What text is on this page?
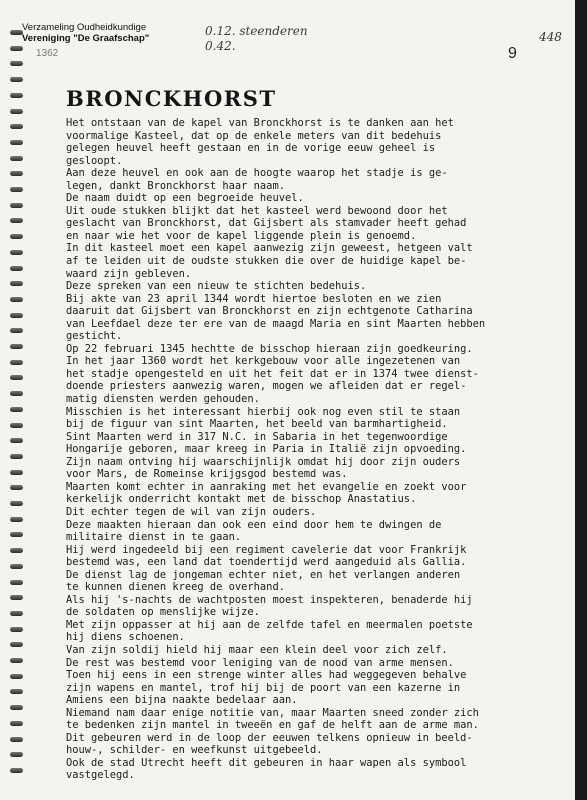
Verzameling Oudheidkundige
Vereniging "De Graafschap"
1362
0.12. steenderen
0.42.
448
9
BRONCKHORST
Het ontstaan van de kapel van Bronckhorst is te danken aan het
voormalige Kasteel, dat op de enkele meters van dit bedehuis
gelegen heuvel heeft gestaan en in de vorige eeuw geheel is
gesloopt.
Aan deze heuvel en ook aan de hoogte waarop het stadje is ge-
legen, dankt Bronckhorst haar naam.
De naam duidt op een begroeide heuvel.
Uit oude stukken blijkt dat het kasteel werd bewoond door het
geslacht van Bronckhorst, dat Gijsbert als stamvader heeft gehad
en naar wie het voor de kapel liggende plein is genoemd.
In dit kasteel moet een kapel aanwezig zijn geweest, hetgeen valt
af te leiden uit de oudste stukken die over de huidige kapel be-
waard zijn gebleven.
Deze spreken van een nieuw te stichten bedehuis.
Bij akte van 23 april 1344 wordt hiertoe besloten en we zien
daaruit dat Gijsbert van Bronckhorst en zijn echtgenote Catharina
van Leefdael deze ter ere van de maagd Maria en sint Maarten hebben
gesticht.
Op 22 februari 1345 hechtte de bisschop hieraan zijn goedkeuring.
In het jaar 1360 wordt het kerkgebouw voor alle ingezetenen van
het stadje opengesteld en uit het feit dat er in 1374 twee dienst-
doende priesters aanwezig waren, mogen we afleiden dat er regel-
matig diensten werden gehouden.
Misschien is het interessant hierbij ook nog even stil te staan
bij de figuur van sint Maarten, het beeld van barmhartigheid.
Sint Maarten werd in 317 N.C. in Sabaria in het tegenwoordige
Hongarije geboren, maar kreeg in Paria in Italië zijn opvoeding.
Zijn naam ontving hij waarschijnlijk omdat hij door zijn ouders
voor Mars, de Romeinse krijgsgod bestemd was.
Maarten komt echter in aanraking met het evangelie en zoekt voor
kerkelijk onderricht kontakt met de bisschop Anastatius.
Dit echter tegen de wil van zijn ouders.
Deze maakten hieraan dan ook een eind door hem te dwingen de
militaire dienst in te gaan.
Hij werd ingedeeld bij een regiment cavelerie dat voor Frankrijk
bestemd was, een land dat toendertijd werd aangeduid als Gallia.
De dienst lag de jongeman echter niet, en het verlangen anderen
te kunnen dienen kreeg de overhand.
Als hij 's-nachts de wachtposten moest inspekteren, benaderde hij
de soldaten op menslijke wijze.
Met zijn oppasser at hij aan de zelfde tafel en meermalen poetste
hij diens schoenen.
Van zijn soldij hield hij maar een klein deel voor zich zelf.
De rest was bestemd voor leniging van de nood van arme mensen.
Toen hij eens in een strenge winter alles had weggegeven behalve
zijn wapens en mantel, trof hij bij de poort van een kazerne in
Amiens een bijna naakte bedelaar aan.
Niemand nam daar enige notitie van, maar Maarten sneed zonder zich
te bedenken zijn mantel in tweeën en gaf de helft aan de arme man.
Dit gebeuren werd in de loop der eeuwen telkens opnieuw in beeld-
houw-, schilder- en weefkunst uitgebeeld.
Ook de stad Utrecht heeft dit gebeuren in haar wapen als symbool
vastgelegd.
